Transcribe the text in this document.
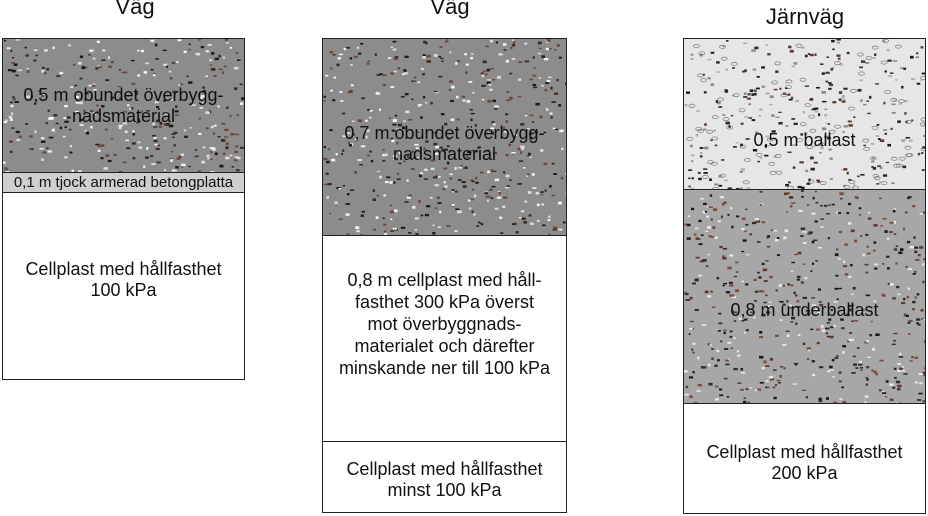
Väg
0,5 m obundet överbygg-
nadsmaterial
0,1 m tjock armerad betongplatta
Cellplast med hållfasthet
100 kPa
Väg
0,7 m obundet överbygg-
nadsmaterial
0,8 m cellplast med håll-
fasthet 300 kPa överst
mot överbyggnads-
materialet och därefter
minskande ner till 100 kPa
Cellplast med hållfasthet
minst 100 kPa
Järnväg
0,5 m ballast
0,8 m underballast
Cellplast med hållfasthet
200 kPa
